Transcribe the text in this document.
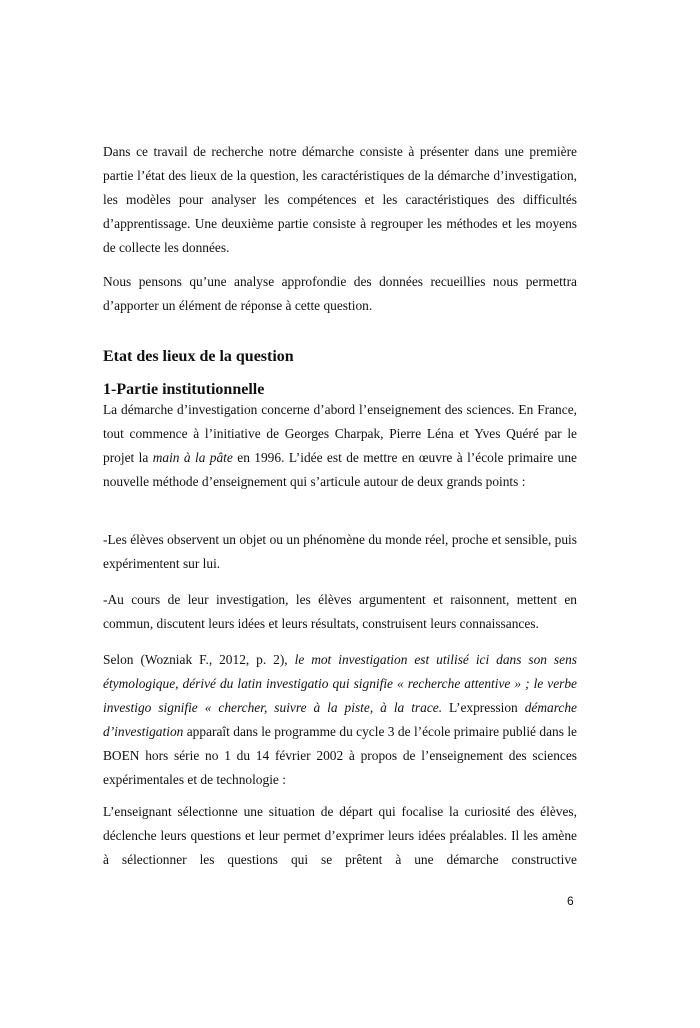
Dans ce travail de recherche notre démarche consiste à présenter dans une première partie l’état des lieux de la question, les caractéristiques de la démarche d’investigation, les modèles pour analyser les compétences et les caractéristiques des difficultés d’apprentissage. Une deuxième partie consiste à regrouper les méthodes et les moyens de collecte les données.

Nous pensons qu’une analyse approfondie des données recueillies nous permettra d’apporter un élément de réponse à cette question.

Etat des lieux de la question
1-Partie institutionnelle

La démarche d’investigation concerne d’abord l’enseignement des sciences. En France, tout commence à l’initiative de Georges Charpak, Pierre Léna et Yves Quéré par le projet la main à la pâte en 1996. L’idée est de mettre en œuvre à l’école primaire une nouvelle méthode d’enseignement qui s’articule autour de deux grands points :

-Les élèves observent un objet ou un phénomène du monde réel, proche et sensible, puis expérimentent sur lui.

-Au cours de leur investigation, les élèves argumentent et raisonnent, mettent en commun, discutent leurs idées et leurs résultats, construisent leurs connaissances.

Selon (Wozniak F., 2012, p. 2), le mot investigation est utilisé ici dans son sens étymologique, dérivé du latin investigatio qui signifie « recherche attentive » ; le verbe investigo signifie « chercher, suivre à la piste, à la trace. L’expression démarche d’investigation apparaît dans le programme du cycle 3 de l’école primaire publié dans le BOEN hors série no 1 du 14 février 2002 à propos de l’enseignement des sciences expérimentales et de technologie :

L’enseignant sélectionne une situation de départ qui focalise la curiosité des élèves, déclenche leurs questions et leur permet d’exprimer leurs idées préalables. Il les amène à sélectionner les questions qui se prêtent à une démarche constructive

6
